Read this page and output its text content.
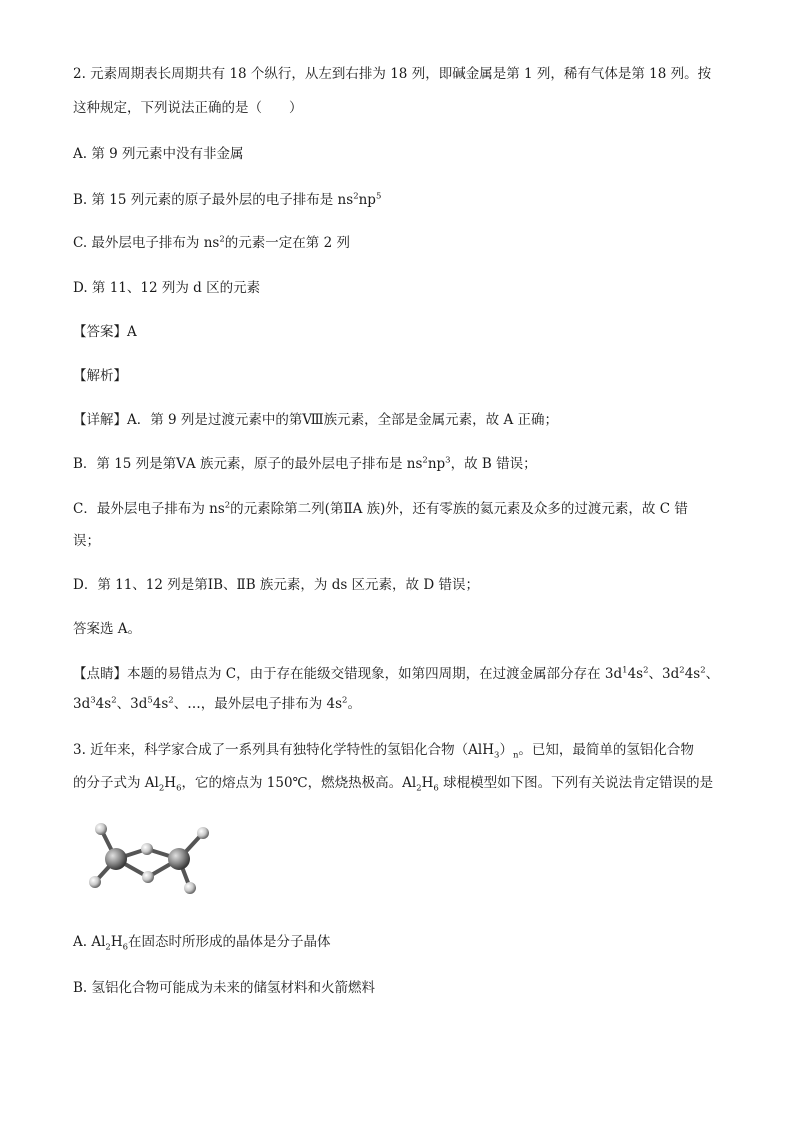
2. 元素周期表长周期共有 18 个纵行，从左到右排为 18 列，即碱金属是第 1 列，稀有气体是第 18 列。按
这种规定，下列说法正确的是（　　）
A. 第 9 列元素中没有非金属
B. 第 15 列元素的原子最外层的电子排布是 $ns^2np^5$
C. 最外层电子排布为 $ns^2$的元素一定在第 2 列
D. 第 11、12 列为 d 区的元素
【答案】A
【解析】
【详解】A．第 9 列是过渡元素中的第Ⅷ族元素，全部是金属元素，故 A 正确；
B．第 15 列是第ⅤA 族元素，原子的最外层电子排布是 $ns^2np^3$，故 B 错误；
C．最外层电子排布为 $ns^2$的元素除第二列(第ⅡA 族)外，还有零族的氦元素及众多的过渡元素，故 C 错
误；
D．第 11、12 列是第ⅠB、ⅡB 族元素，为 ds 区元素，故 D 错误；
答案选 A。
【点睛】本题的易错点为 C，由于存在能级交错现象，如第四周期，在过渡金属部分存在 $3d^14s^2$、$3d^24s^2$、
$3d^34s^2$、$3d^54s^2$、…，最外层电子排布为 $4s^2$。
3. 近年来，科学家合成了一系列具有独特化学特性的氢铝化合物$(AlH_3)_n$。已知，最简单的氢铝化合物
的分子式为 $Al_2H_6$，它的熔点为 150℃，燃烧热极高。$Al_2H_6$ 球棍模型如下图。下列有关说法肯定错误的是
A. $Al_2H_6$在固态时所形成的晶体是分子晶体
B. 氢铝化合物可能成为未来的储氢材料和火箭燃料
